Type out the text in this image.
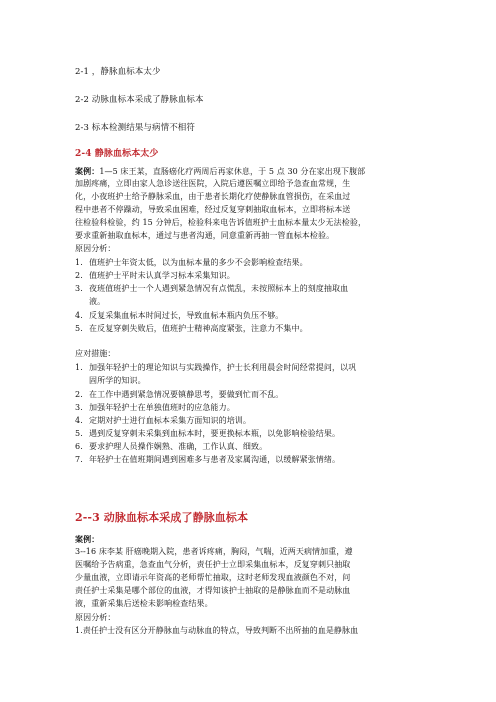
2-1 ，静脉血标本太少
2-2 动脉血标本采成了静脉血标本
2-3 标本检测结果与病情不相符
2-4 静脉血标本太少
案例：1—5 床王某，直肠癌化疗两周后再家休息，于 5 点 30 分在家出现下腹部
加剧疼痛，立即由家人急诊送往医院，入院后遵医嘱立即给予急查血常规，生
化，小夜班护士给予静脉采血，由于患者长期化疗使静脉血管损伤，在采血过
程中患者不停躁动，导致采血困难，经过反复穿刺抽取血标本，立即将标本送
往检验科检验，约 15 分钟后，检验科来电告诉值班护士血标本量太少无法检验，
要求重新抽取血标本，通过与患者沟通，同意重新再抽一管血标本检验。
原因分析：
1. 值班护士年资太低，以为血标本量的多少不会影响检查结果。
2. 值班护士平时未认真学习标本采集知识。
3. 夜班值班护士一个人遇到紧急情况有点慌乱，未按照标本上的刻度抽取血
液。
4. 反复采集血标本时间过长，导致血标本瓶内负压不够。
5. 在反复穿刺失败后，值班护士精神高度紧张，注意力不集中。
应对措施：
1. 加强年轻护士的理论知识与实践操作，护士长利用晨会时间经常提问，以巩
固所学的知识。
2. 在工作中遇到紧急情况要镇静思考，要做到忙而不乱。
3. 加强年轻护士在单独值班时的应急能力。
4. 定期对护士进行血标本采集方面知识的培训。
5. 遇到反复穿刺未采集到血标本时，要更换标本瓶，以免影响检验结果。
6. 要求护理人员操作娴熟、准确，工作认真、细致。
7. 年轻护士在值班期间遇到困难多与患者及家属沟通，以缓解紧张情绪。
2--3 动脉血标本采成了静脉血标本
案例：
3--16 床李某 肝癌晚期入院，患者诉疼痛，胸闷，气喘，近两天病情加重，遵
医嘱给予告病重，急查血气分析，责任护士立即采集血标本，反复穿刺只抽取
少量血液，立即请示年资高的老师帮忙抽取，这时老师发现血液颜色不对，问
责任护士采集是哪个部位的血液，才得知该护士抽取的是静脉血而不是动脉血
液，重新采集后送检未影响检查结果。
原因分析：
1.责任护士没有区分开静脉血与动脉血的特点，导致判断不出所抽的血是静脉血
